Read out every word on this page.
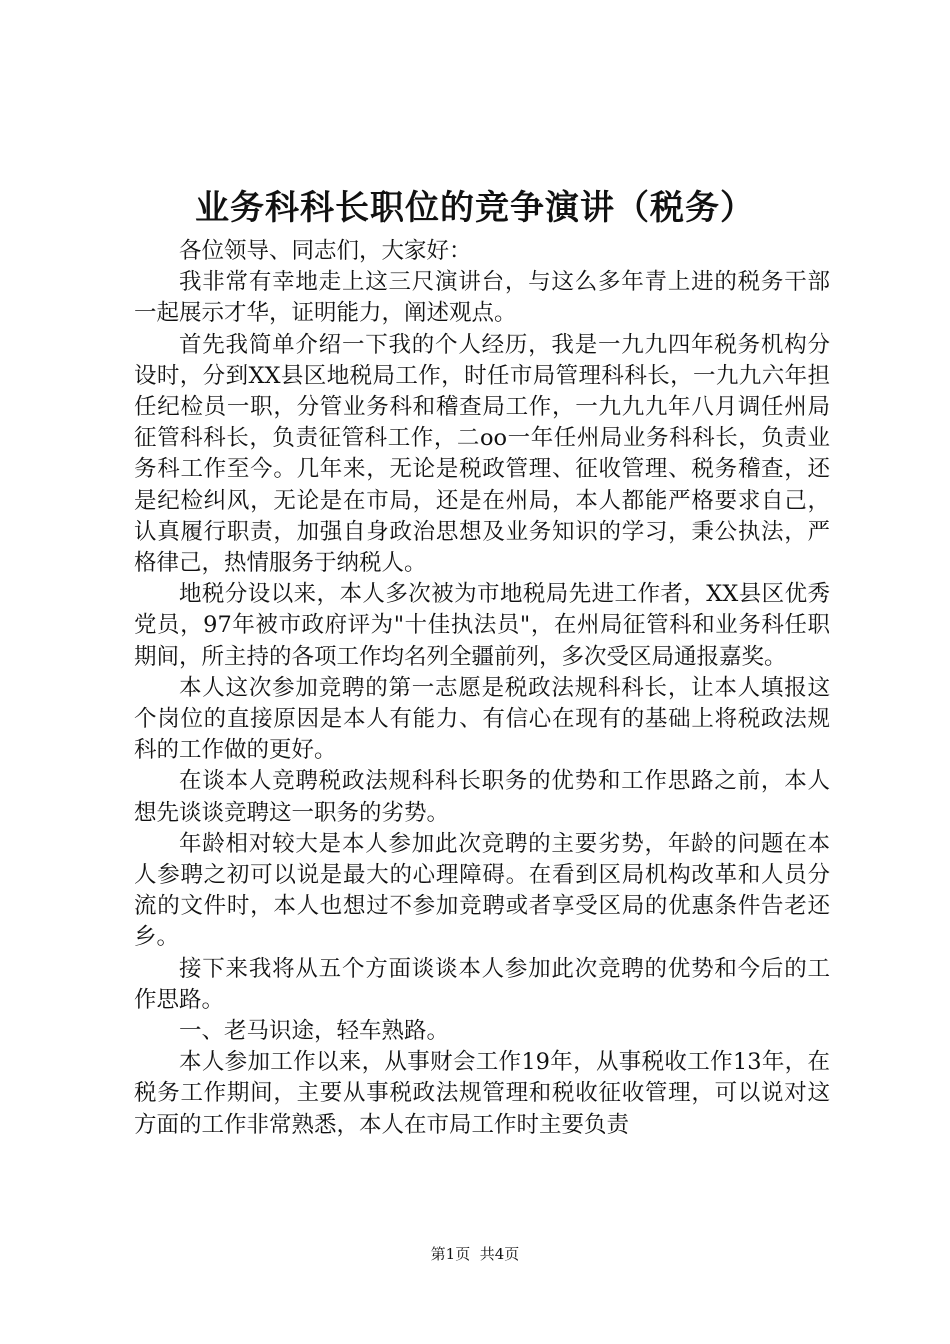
业务科科长职位的竞争演讲（税务）

各位领导、同志们，大家好：

我非常有幸地走上这三尺演讲台，与这么多年青上进的税务干部一起展示才华，证明能力，阐述观点。

首先我简单介绍一下我的个人经历，我是一九九四年税务机构分设时，分到XX县区地税局工作，时任市局管理科科长，一九九六年担任纪检员一职，分管业务科和稽查局工作，一九九九年八月调任州局征管科科长，负责征管科工作，二oo一年任州局业务科科长，负责业务科工作至今。几年来，无论是税政管理、征收管理、税务稽查，还是纪检纠风，无论是在市局，还是在州局，本人都能严格要求自己，认真履行职责，加强自身政治思想及业务知识的学习，秉公执法，严格律己，热情服务于纳税人。

地税分设以来，本人多次被为市地税局先进工作者，XX县区优秀党员，97年被市政府评为"十佳执法员"，在州局征管科和业务科任职期间，所主持的各项工作均名列全疆前列，多次受区局通报嘉奖。

本人这次参加竞聘的第一志愿是税政法规科科长，让本人填报这个岗位的直接原因是本人有能力、有信心在现有的基础上将税政法规科的工作做的更好。

在谈本人竞聘税政法规科科长职务的优势和工作思路之前，本人想先谈谈竞聘这一职务的劣势。

年龄相对较大是本人参加此次竞聘的主要劣势，年龄的问题在本人参聘之初可以说是最大的心理障碍。在看到区局机构改革和人员分流的文件时，本人也想过不参加竞聘或者享受区局的优惠条件告老还乡。

接下来我将从五个方面谈谈本人参加此次竞聘的优势和今后的工作思路。

一、老马识途，轻车熟路。

本人参加工作以来，从事财会工作19年，从事税收工作13年，在税务工作期间，主要从事税政法规管理和税收征收管理，可以说对这方面的工作非常熟悉，本人在市局工作时主要负责

第1页 共4页
